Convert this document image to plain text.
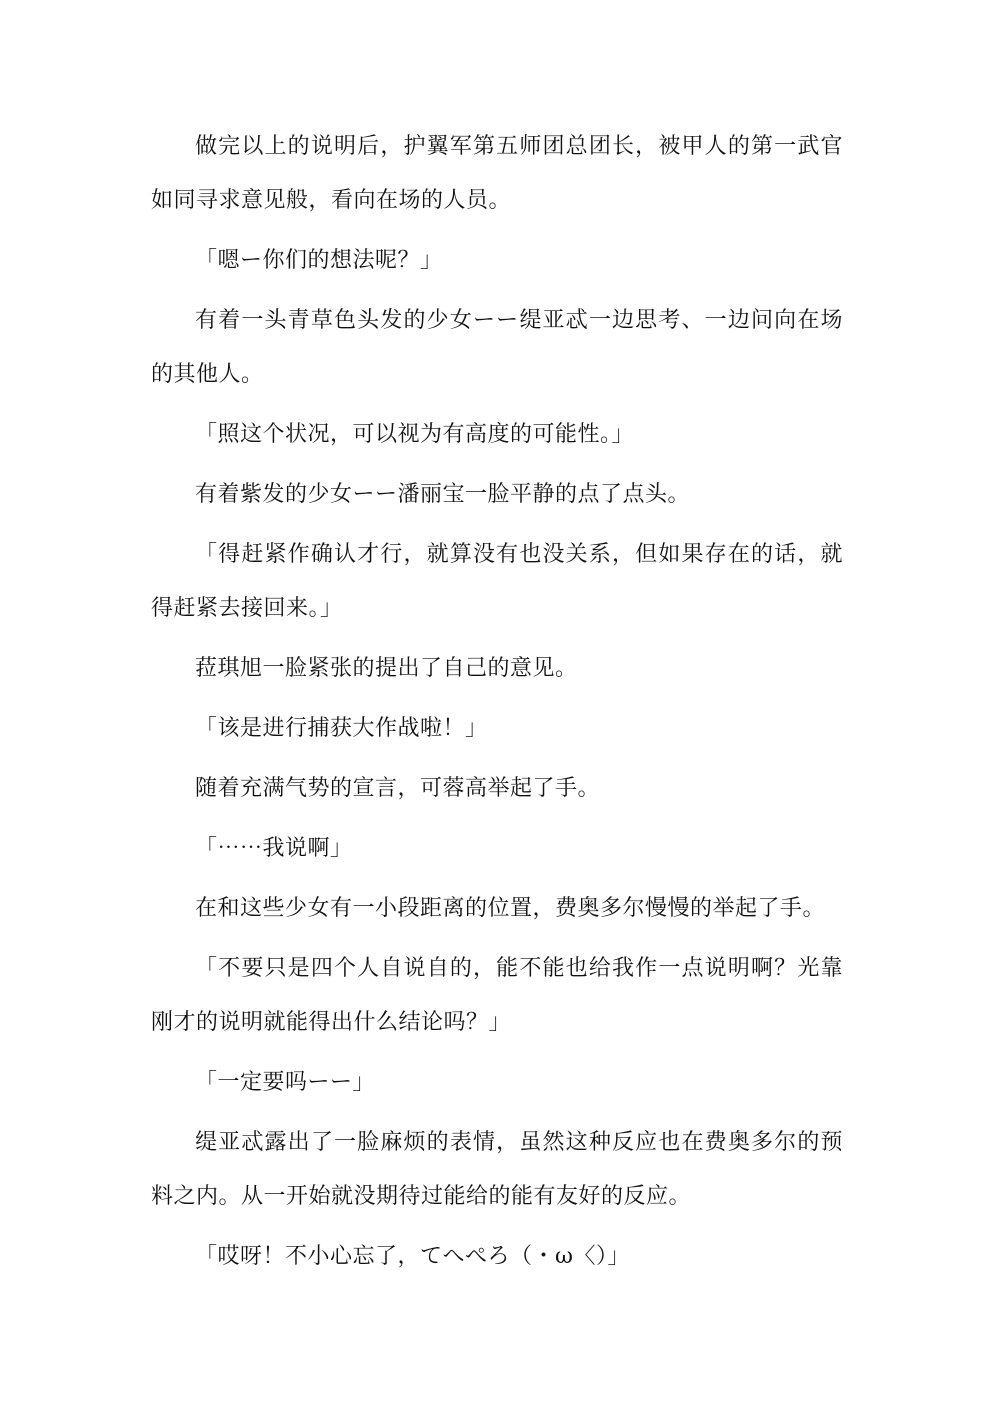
做完以上的说明后，护翼军第五师团总团长，被甲人的第一武官如同寻求意见般，看向在场的人员。

「嗯ー你们的想法呢？」

有着一头青草色头发的少女ーー缇亚忒一边思考、一边问向在场的其他人。

「照这个状况，可以视为有高度的可能性。」

有着紫发的少女ーー潘丽宝一脸平静的点了点头。

「得赶紧作确认才行，就算没有也没关系，但如果存在的话，就得赶紧去接回来。」

菈琪旭一脸紧张的提出了自己的意见。

「该是进行捕获大作战啦！」

随着充满气势的宣言，可蓉高举起了手。

「⋯⋯我说啊」

在和这些少女有一小段距离的位置，费奥多尔慢慢的举起了手。

「不要只是四个人自说自的，能不能也给我作一点说明啊？光靠刚才的说明就能得出什么结论吗？」

「一定要吗ーー」

缇亚忒露出了一脸麻烦的表情，虽然这种反应也在费奥多尔的预料之内。从一开始就没期待过能给的能有友好的反应。

「哎呀！不小心忘了，てへぺろ（・ω〈）」
